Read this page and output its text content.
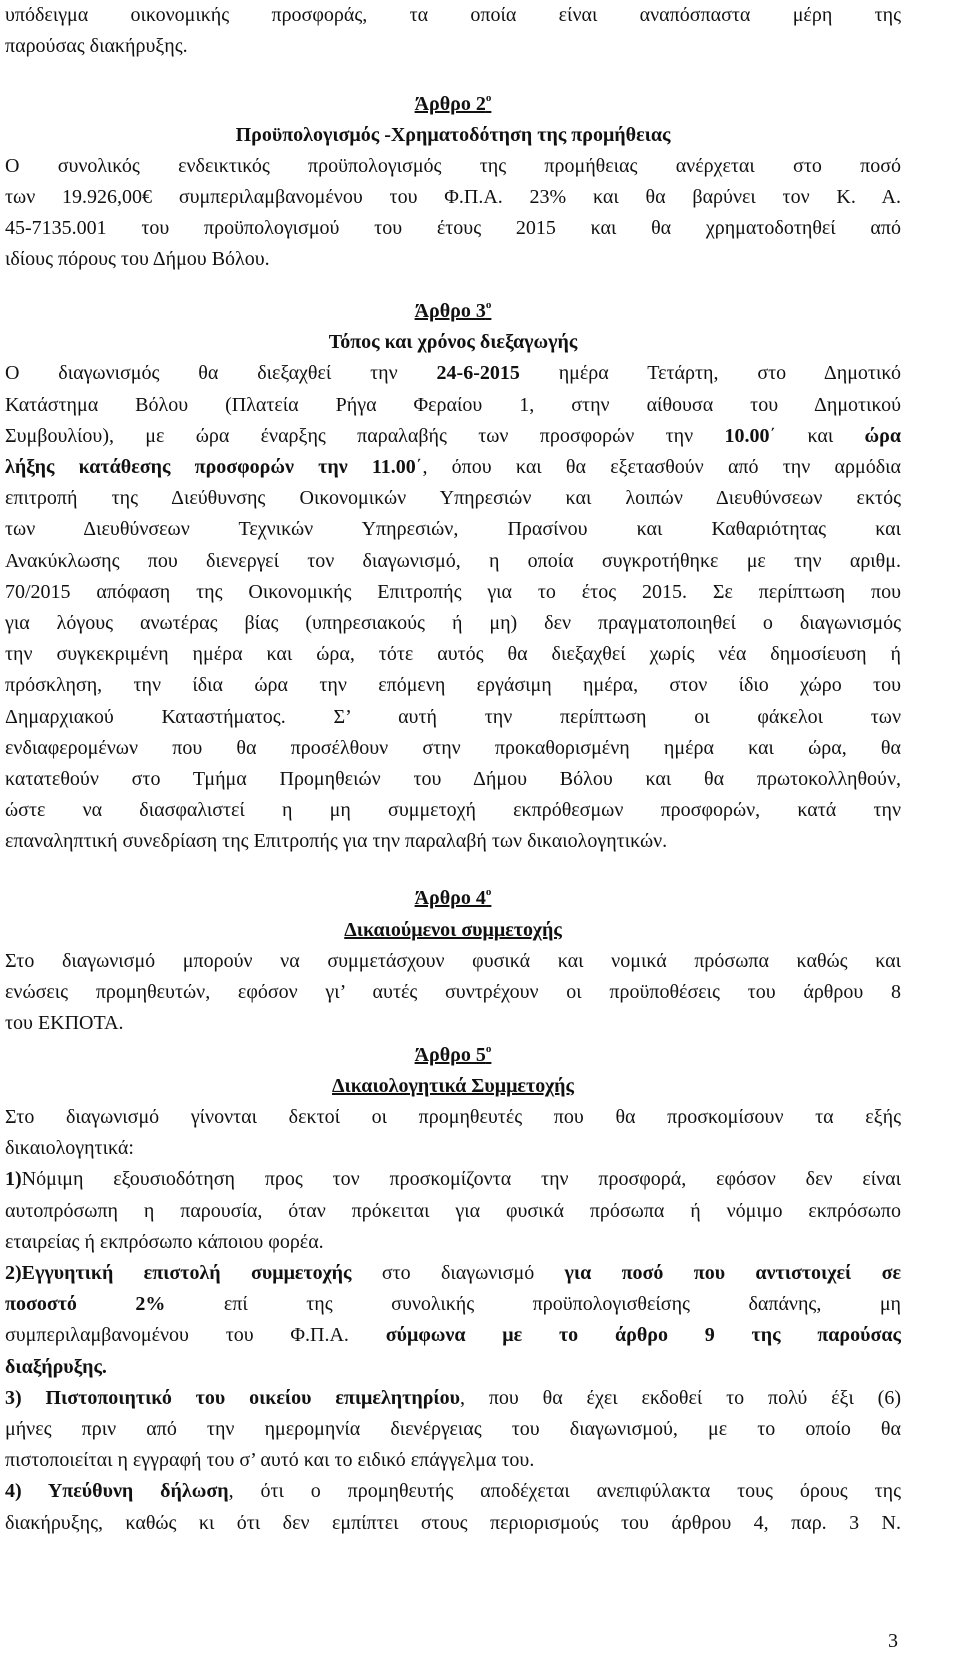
υπόδειγμα οικονομικής προσφοράς, τα οποία είναι αναπόσπαστα μέρη της
παρούσας διακήρυξης.
Άρθρο $2^o$
Προϋπολογισμός -Χρηματοδότηση της προμήθειας
Ο συνολικός ενδεικτικός προϋπολογισμός της προμήθειας ανέρχεται στο ποσό
των 19.926,00€ συμπεριλαμβανομένου του Φ.Π.Α. 23% και θα βαρύνει τον Κ. Α.
45-7135.001 του προϋπολογισμού του έτους 2015 και θα χρηματοδοτηθεί από
ιδίους πόρους του Δήμου Βόλου.
Άρθρο $3^o$
Τόπος και χρόνος διεξαγωγής
Ο διαγωνισμός θα διεξαχθεί την 24-6-2015 ημέρα Τετάρτη, στο Δημοτικό
Κατάστημα Βόλου (Πλατεία Ρήγα Φεραίου 1, στην αίθουσα του Δημοτικού
Συμβουλίου), με ώρα έναρξης παραλαβής των προσφορών την 10.00΄ και ώρα
λήξης κατάθεσης προσφορών την 11.00΄, όπου και θα εξετασθούν από την αρμόδια
επιτροπή της Διεύθυνσης Οικονομικών Υπηρεσιών και λοιπών Διευθύνσεων εκτός
των Διευθύνσεων Τεχνικών Υπηρεσιών, Πρασίνου και Καθαριότητας και
Ανακύκλωσης που διενεργεί τον διαγωνισμό, η οποία συγκροτήθηκε με την αριθμ.
70/2015 απόφαση της Οικονομικής Επιτροπής για το έτος 2015. Σε περίπτωση που
για λόγους ανωτέρας βίας (υπηρεσιακούς ή μη) δεν πραγματοποιηθεί ο διαγωνισμός
την συγκεκριμένη ημέρα και ώρα, τότε αυτός θα διεξαχθεί χωρίς νέα δημοσίευση ή
πρόσκληση, την ίδια ώρα την επόμενη εργάσιμη ημέρα, στον ίδιο χώρο του
Δημαρχιακού Καταστήματος. Σ’ αυτή την περίπτωση οι φάκελοι των
ενδιαφερομένων που θα προσέλθουν στην προκαθορισμένη ημέρα και ώρα, θα
κατατεθούν στο Τμήμα Προμηθειών του Δήμου Βόλου και θα πρωτοκολληθούν,
ώστε να διασφαλιστεί η μη συμμετοχή εκπρόθεσμων προσφορών, κατά την
επαναληπτική συνεδρίαση της Επιτροπής για την παραλαβή των δικαιολογητικών.
Άρθρο $4^o$
Δικαιούμενοι συμμετοχής
Στο διαγωνισμό μπορούν να συμμετάσχουν φυσικά και νομικά πρόσωπα καθώς και
ενώσεις προμηθευτών, εφόσον γι’ αυτές συντρέχουν οι προϋποθέσεις του άρθρου 8
του ΕΚΠΟΤΑ.
Άρθρο $5^o$
Δικαιολογητικά Συμμετοχής
Στο διαγωνισμό γίνονται δεκτοί οι προμηθευτές που θα προσκομίσουν τα εξής
δικαιολογητικά:
1)Νόμιμη εξουσιοδότηση προς τον προσκομίζοντα την προσφορά, εφόσον δεν είναι
αυτοπρόσωπη η παρουσία, όταν πρόκειται για φυσικά πρόσωπα ή νόμιμο εκπρόσωπο
εταιρείας ή εκπρόσωπο κάποιου φορέα.
2)Εγγυητική επιστολή συμμετοχής στο διαγωνισμό για ποσό που αντιστοιχεί σε
ποσοστό 2% επί της συνολικής προϋπολογισθείσης δαπάνης, μη
συμπεριλαμβανομένου του Φ.Π.Α. σύμφωνα με το άρθρο 9 της παρούσας
διαξήρυξης.
3) Πιστοποιητικό του οικείου επιμελητηρίου, που θα έχει εκδοθεί το πολύ έξι (6)
μήνες πριν από την ημερομηνία διενέργειας του διαγωνισμού, με το οποίο θα
πιστοποιείται η εγγραφή του σ’ αυτό και το ειδικό επάγγελμα του.
4) Υπεύθυνη δήλωση, ότι ο προμηθευτής αποδέχεται ανεπιφύλακτα τους όρους της
διακήρυξης, καθώς κι ότι δεν εμπίπτει στους περιορισμούς του άρθρου 4, παρ. 3 Ν.
3
